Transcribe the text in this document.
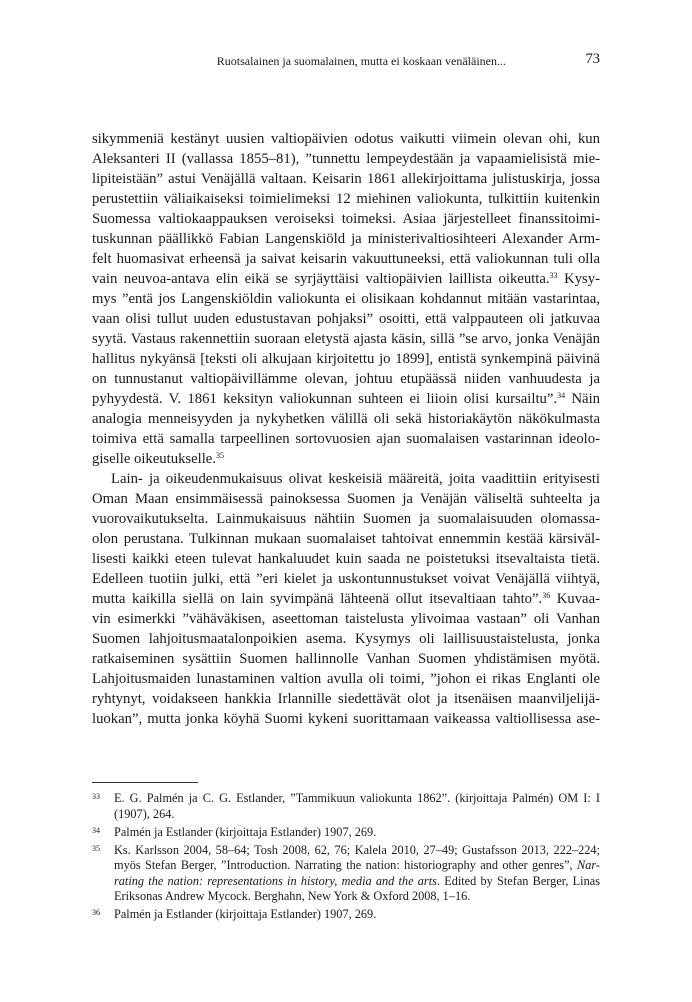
Ruotsalainen ja suomalainen, mutta ei koskaan venäläinen...	73
sikymmeniä kestänyt uusien valtiopäivien odotus vaikutti viimein olevan ohi, kun
Aleksanteri II (vallassa 1855–81), ”tunnettu lempeydestään ja vapaamielisistä mie-
lipiteistään” astui Venäjällä valtaan. Keisarin 1861 allekirjoittama julistuskirja, jossa
perustettiin väliaikaiseksi toimielimeksi 12 miehinen valiokunta, tulkittiin kuitenkin
Suomessa valtiokaappauksen veroiseksi toimeksi. Asiaa järjestelleet finanssitoimi-
tuskunnan päällikkö Fabian Langenskiöld ja ministerivaltiosihteeri Alexander Arm-
felt huomasivat erheensä ja saivat keisarin vakuuttuneeksi, että valiokunnan tuli olla
vain neuvoa-antava elin eikä se syrjäyttäisi valtiopäivien laillista oikeutta.$^{33}$ Kysy-
mys ”entä jos Langenskiöldin valiokunta ei olisikaan kohdannut mitään vastarintaa,
vaan olisi tullut uuden edustustavan pohjaksi” osoitti, että valppauteen oli jatkuvaa
syytä. Vastaus rakennettiin suoraan eletystä ajasta käsin, sillä ”se arvo, jonka Venäjän
hallitus nykyänsä [teksti oli alkujaan kirjoitettu jo 1899], entistä synkempinä päivinä
on tunnustanut valtiopäivillämme olevan, johtuu etupäässä niiden vanhuudesta ja
pyhyydestä. V. 1861 keksityn valiokunnan suhteen ei liioin olisi kursailtu”.$^{34}$ Näin
analogia menneisyyden ja nykyhetken välillä oli sekä historiakäytön näkökulmasta
toimiva että samalla tarpeellinen sortovuosien ajan suomalaisen vastarinnan ideolo-
giselle oikeutukselle.$^{35}$
Lain- ja oikeudenmukaisuus olivat keskeisiä määreitä, joita vaadittiin erityisesti
Oman Maan ensimmäisessä painoksessa Suomen ja Venäjän väliseltä suhteelta ja
vuorovaikutukselta. Lainmukaisuus nähtiin Suomen ja suomalaisuuden olomassa-
olon perustana. Tulkinnan mukaan suomalaiset tahtoivat ennemmin kestää kärsiväl-
lisesti kaikki eteen tulevat hankaluudet kuin saada ne poistetuksi itsevaltaista tietä.
Edelleen tuotiin julki, että ”eri kielet ja uskontunnustukset voivat Venäjällä viihtyä,
mutta kaikilla siellä on lain syvimpänä lähteenä ollut itsevaltiaan tahto”.$^{36}$ Kuvaa-
vin esimerkki ”vähäväkisen, aseettoman taistelusta ylivoimaa vastaan” oli Vanhan
Suomen lahjoitusmaatalonpoikien asema. Kysymys oli laillisuustaistelusta, jonka
ratkaiseminen sysättiin Suomen hallinnolle Vanhan Suomen yhdistämisen myötä.
Lahjoitusmaiden lunastaminen valtion avulla oli toimi, ”johon ei rikas Englanti ole
ryhtynyt, voidakseen hankkia Irlannille siedettävät olot ja itsenäisen maanviljelijä-
luokan”, mutta jonka köyhä Suomi kykeni suorittamaan vaikeassa valtiollisessa ase-
33 E. G. Palmén ja C. G. Estlander, ”Tammikuun valiokunta 1862”. (kirjoittaja Palmén) OM I: I
(1907), 264.
34 Palmén ja Estlander (kirjoittaja Estlander) 1907, 269.
35 Ks. Karlsson 2004, 58–64; Tosh 2008, 62, 76; Kalela 2010, 27–49; Gustafsson 2013, 222–224;
myös Stefan Berger, ”Introduction. Narrating the nation: historiography and other genres”, Nar-
rating the nation: representations in history, media and the arts. Edited by Stefan Berger, Linas
Eriksonas Andrew Mycock. Berghahn, New York & Oxford 2008, 1–16.
36 Palmén ja Estlander (kirjoittaja Estlander) 1907, 269.
